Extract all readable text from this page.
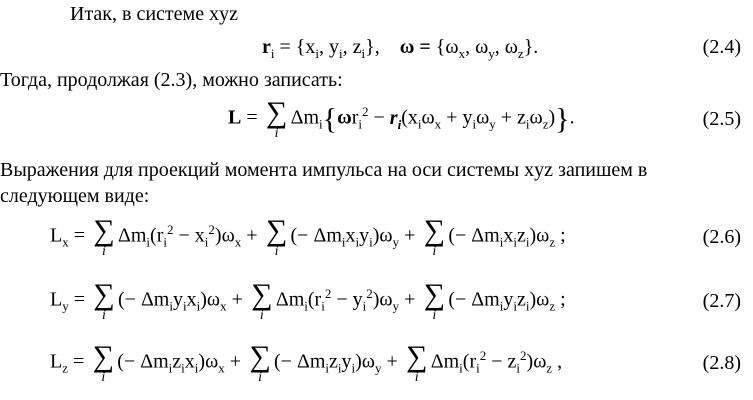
Итак, в системе xyz
$r_i = \{x_i$, $y_i$, $z_i$},    $\omega = \{\omega_x$, $\omega_y$, $\omega_z$}.	(2.4)
Тогда, продолжая (2.3), можно записать:
L = ∑
i
$\Delta m_i\{\omega r_i^2 - r_i(x_i\omega_x + y_i\omega_y + z_i\omega_z)\}$.	(2.5)
Выражения для проекций момента импульса на оси системы xyz запишем в
следующем виде:
$L_x$ = ∑
i
$\Delta m_i(r_i^2 - x_i^2)\omega_x$ + ∑
i
(− $\Delta m_ix_iy_i)\omega_y$ + ∑
i
(− $\Delta m_ix_iz_i)\omega_z$ ;	(2.6)
$L_y$ = ∑
i
(− $\Delta m_iy_ix_i)\omega_x$ + ∑
i
$\Delta m_i(r_i^2 - y_i^2)\omega_y$ + ∑
i
(− $\Delta m_iy_iz_i)\omega_z$ ;	(2.7)
$L_z$ = ∑
i
(− $\Delta m_iz_ix_i)\omega_x$ + ∑
i
(− $\Delta m_iz_iy_i)\omega_y$ + ∑
i
$\Delta m_i(r_i^2 - z_i^2)\omega_z$ ,	(2.8)
